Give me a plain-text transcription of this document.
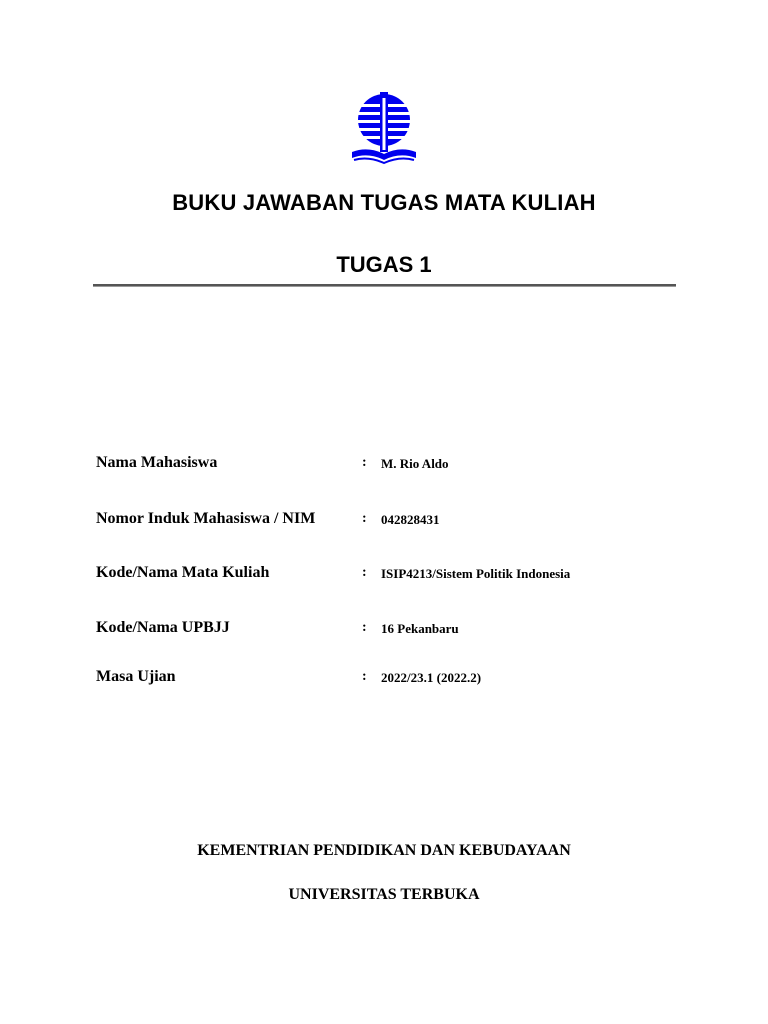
BUKU JAWABAN TUGAS MATA KULIAH
TUGAS 1
Nama Mahasiswa	: M. Rio Aldo
Nomor Induk Mahasiswa / NIM	: 042828431
Kode/Nama Mata Kuliah	: ISIP4213/Sistem Politik Indonesia
Kode/Nama UPBJJ	: 16 Pekanbaru
Masa Ujian	: 2022/23.1 (2022.2)
KEMENTRIAN PENDIDIKAN DAN KEBUDAYAAN
UNIVERSITAS TERBUKA
